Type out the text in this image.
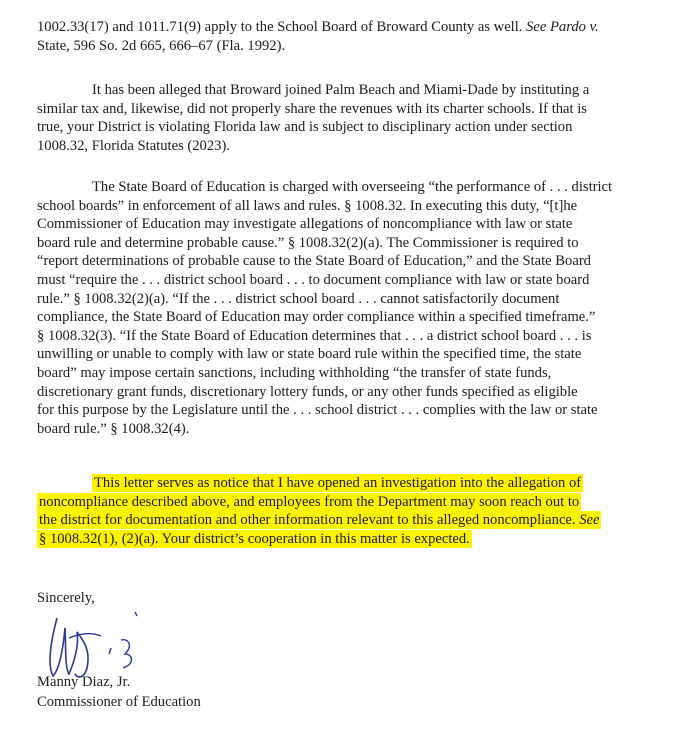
1002.33(17) and 1011.71(9) apply to the School Board of Broward County as well. See Pardo v.
State, 596 So. 2d 665, 666–67 (Fla. 1992).
It has been alleged that Broward joined Palm Beach and Miami-Dade by instituting a
similar tax and, likewise, did not properly share the revenues with its charter schools. If that is
true, your District is violating Florida law and is subject to disciplinary action under section
1008.32, Florida Statutes (2023).
The State Board of Education is charged with overseeing “the performance of . . . district
school boards” in enforcement of all laws and rules. § 1008.32. In executing this duty, “[t]he
Commissioner of Education may investigate allegations of noncompliance with law or state
board rule and determine probable cause.” § 1008.32(2)(a). The Commissioner is required to
“report determinations of probable cause to the State Board of Education,” and the State Board
must “require the . . . district school board . . . to document compliance with law or state board
rule.” § 1008.32(2)(a). “If the . . . district school board . . . cannot satisfactorily document
compliance, the State Board of Education may order compliance within a specified timeframe.”
§ 1008.32(3). “If the State Board of Education determines that . . . a district school board . . . is
unwilling or unable to comply with law or state board rule within the specified time, the state
board” may impose certain sanctions, including withholding “the transfer of state funds,
discretionary grant funds, discretionary lottery funds, or any other funds specified as eligible
for this purpose by the Legislature until the . . . school district . . . complies with the law or state
board rule.” § 1008.32(4).
This letter serves as notice that I have opened an investigation into the allegation of
noncompliance described above, and employees from the Department may soon reach out to
the district for documentation and other information relevant to this alleged noncompliance. See
§ 1008.32(1), (2)(a). Your district’s cooperation in this matter is expected.
Sincerely,
Manny Diaz, Jr.
Commissioner of Education
